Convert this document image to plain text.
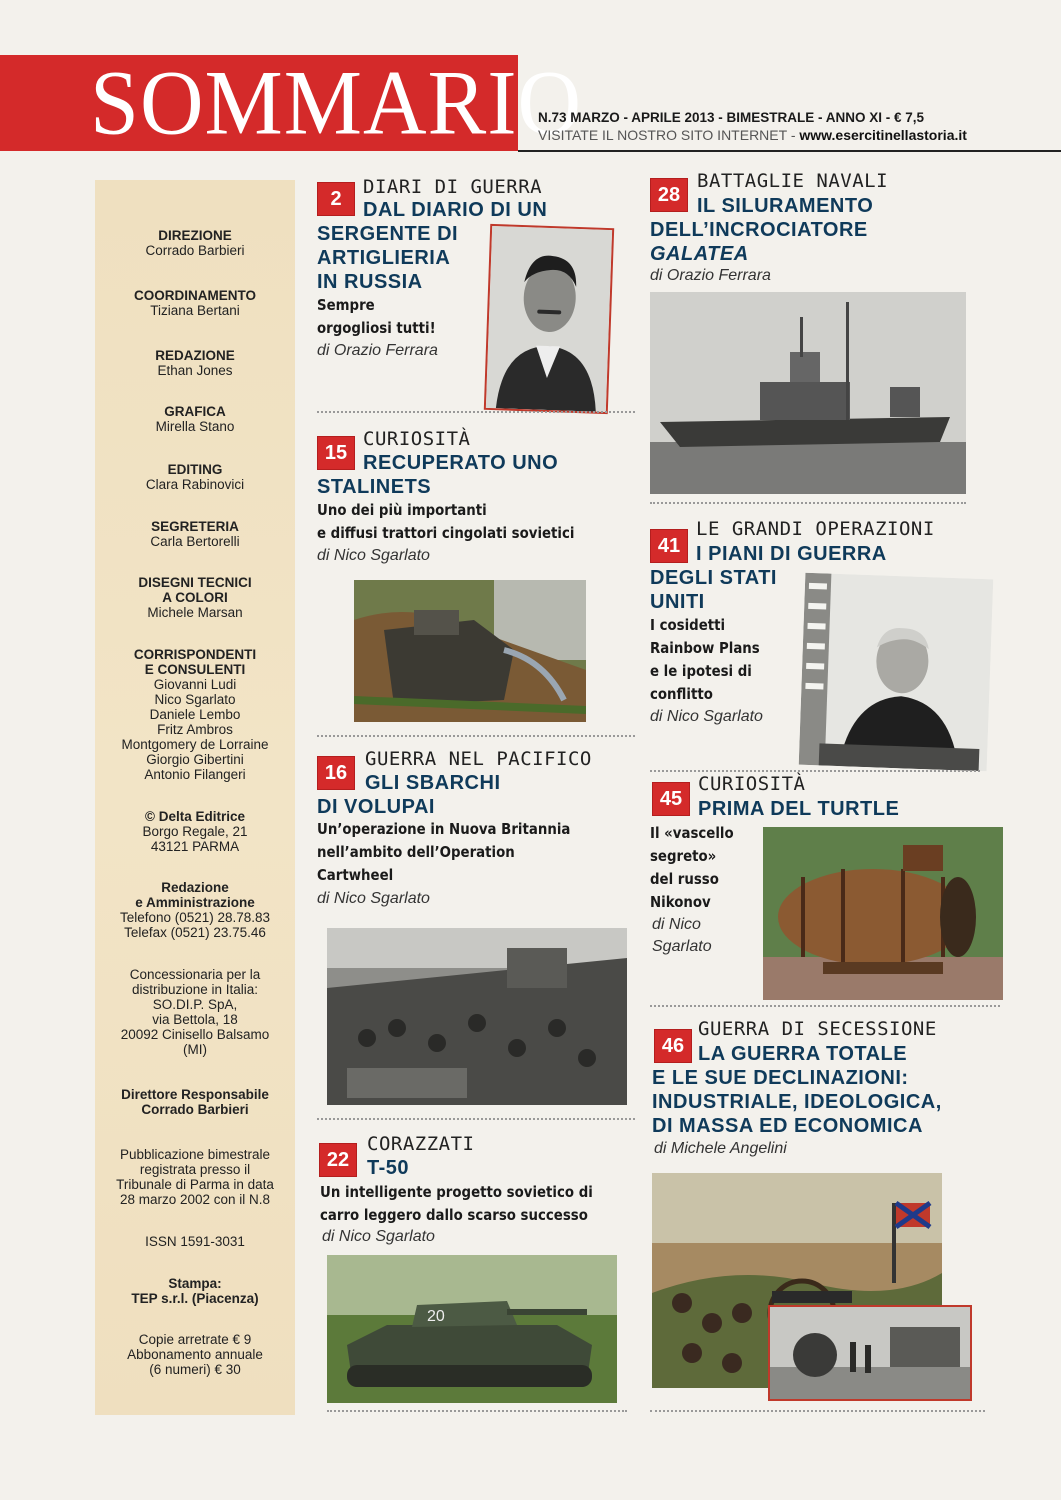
SOMMARIO
N.73 MARZO - APRILE 2013 - BIMESTRALE - ANNO XI - € 7,5
VISITATE IL NOSTRO SITO INTERNET - www.esercitinellastoria.it
DIREZIONE
Corrado Barbieri
COORDINAMENTO
Tiziana Bertani
REDAZIONE
Ethan Jones
GRAFICA
Mirella Stano
EDITING
Clara Rabinovici
SEGRETERIA
Carla Bertorelli
DISEGNI TECNICI
A COLORI
Michele Marsan
CORRISPONDENTI
E CONSULENTI
Giovanni Ludi
Nico Sgarlato
Daniele Lembo
Fritz Ambros
Montgomery de Lorraine
Giorgio Gibertini
Antonio Filangeri
© Delta Editrice
Borgo Regale, 21
43121 PARMA
Redazione
e Amministrazione
Telefono (0521) 28.78.83
Telefax (0521) 23.75.46
Concessionaria per la
distribuzione in Italia:
SO.DI.P. SpA,
via Bettola, 18
20092 Cinisello Balsamo
(MI)
Direttore Responsabile
Corrado Barbieri
Pubblicazione bimestrale
registrata presso il
Tribunale di Parma in data
28 marzo 2002 con il N.8
ISSN 1591-3031
Stampa:
TEP s.r.l. (Piacenza)
Copie arretrate € 9
Abbonamento annuale
(6 numeri) € 30
2
DIARI DI GUERRA
DAL DIARIO DI UN
SERGENTE DI
ARTIGLIERIA
IN RUSSIA
Sempre
orgogliosi tutti!
di Orazio Ferrara
15
CURIOSITÀ
RECUPERATO UNO
STALINETS
Uno dei più importanti
e diffusi trattori cingolati sovietici
di Nico Sgarlato
16
GUERRA NEL PACIFICO
GLI SBARCHI
DI VOLUPAI
Un’operazione in Nuova Britannia
nell’ambito dell’Operation
Cartwheel
di Nico Sgarlato
22
CORAZZATI
T-50
Un intelligente progetto sovietico di
carro leggero dallo scarso successo
di Nico Sgarlato
20
28
BATTAGLIE NAVALI
IL SILURAMENTO
DELL’INCROCIATORE
GALATEA
di Orazio Ferrara
41
LE GRANDI OPERAZIONI
I PIANI DI GUERRA
DEGLI STATI
UNITI
I cosidetti
Rainbow Plans
e le ipotesi di
conflitto
di Nico Sgarlato
45
CURIOSITÀ
PRIMA DEL TURTLE
Il «vascello
segreto»
del russo
Nikonov
di Nico
Sgarlato
46
GUERRA DI SECESSIONE
LA GUERRA TOTALE
E LE SUE DECLINAZIONI:
INDUSTRIALE, IDEOLOGICA,
DI MASSA ED ECONOMICA
di Michele Angelini
